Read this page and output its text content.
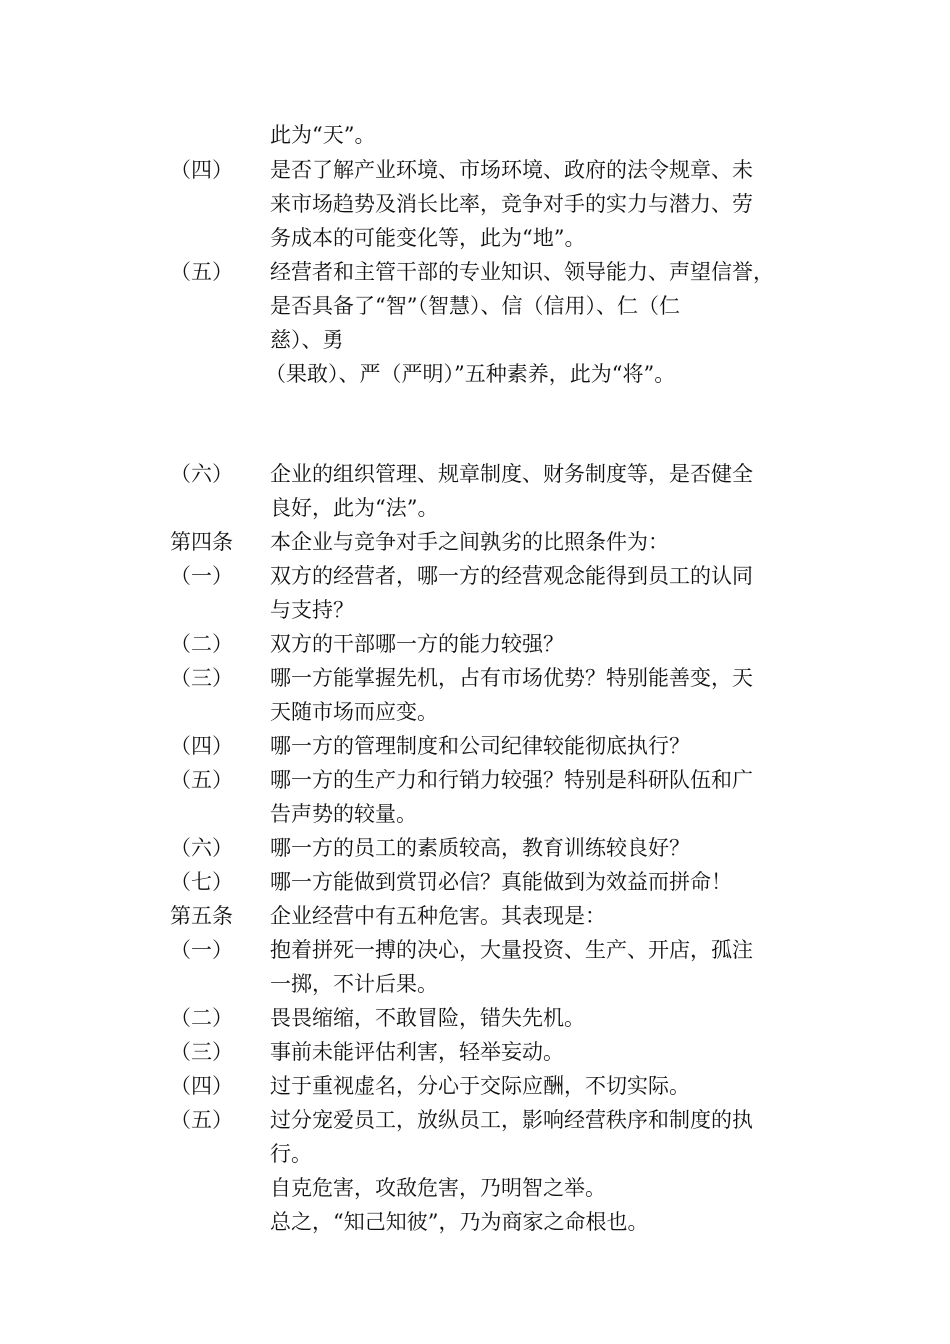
此为“天”。
（四） 是否了解产业环境、市场环境、政府的法令规章、未
来市场趋势及消长比率，竞争对手的实力与潜力、劳
务成本的可能变化等，此为“地”。
（五） 经营者和主管干部的专业知识、领导能力、声望信誉，
是否具备了“智”（智慧）、信（信用）、仁（仁
慈）、勇
（果敢）、严（严明）”五种素养，此为“将”。
（六） 企业的组织管理、规章制度、财务制度等，是否健全
良好，此为“法”。
第四条 本企业与竞争对手之间孰劣的比照条件为：
（一） 双方的经营者，哪一方的经营观念能得到员工的认同
与支持？
（二） 双方的干部哪一方的能力较强？
（三） 哪一方能掌握先机，占有市场优势？特别能善变，天
天随市场而应变。
（四） 哪一方的管理制度和公司纪律较能彻底执行？
（五） 哪一方的生产力和行销力较强？特别是科研队伍和广
告声势的较量。
（六） 哪一方的员工的素质较高，教育训练较良好？
（七） 哪一方能做到赏罚必信？真能做到为效益而拼命！
第五条 企业经营中有五种危害。其表现是：
（一） 抱着拼死一搏的决心，大量投资、生产、开店，孤注
一掷，不计后果。
（二） 畏畏缩缩，不敢冒险，错失先机。
（三） 事前未能评估利害，轻举妄动。
（四） 过于重视虚名，分心于交际应酬，不切实际。
（五） 过分宠爱员工，放纵员工，影响经营秩序和制度的执
行。
自克危害，攻敌危害，乃明智之举。
总之，“知己知彼”，乃为商家之命根也。
